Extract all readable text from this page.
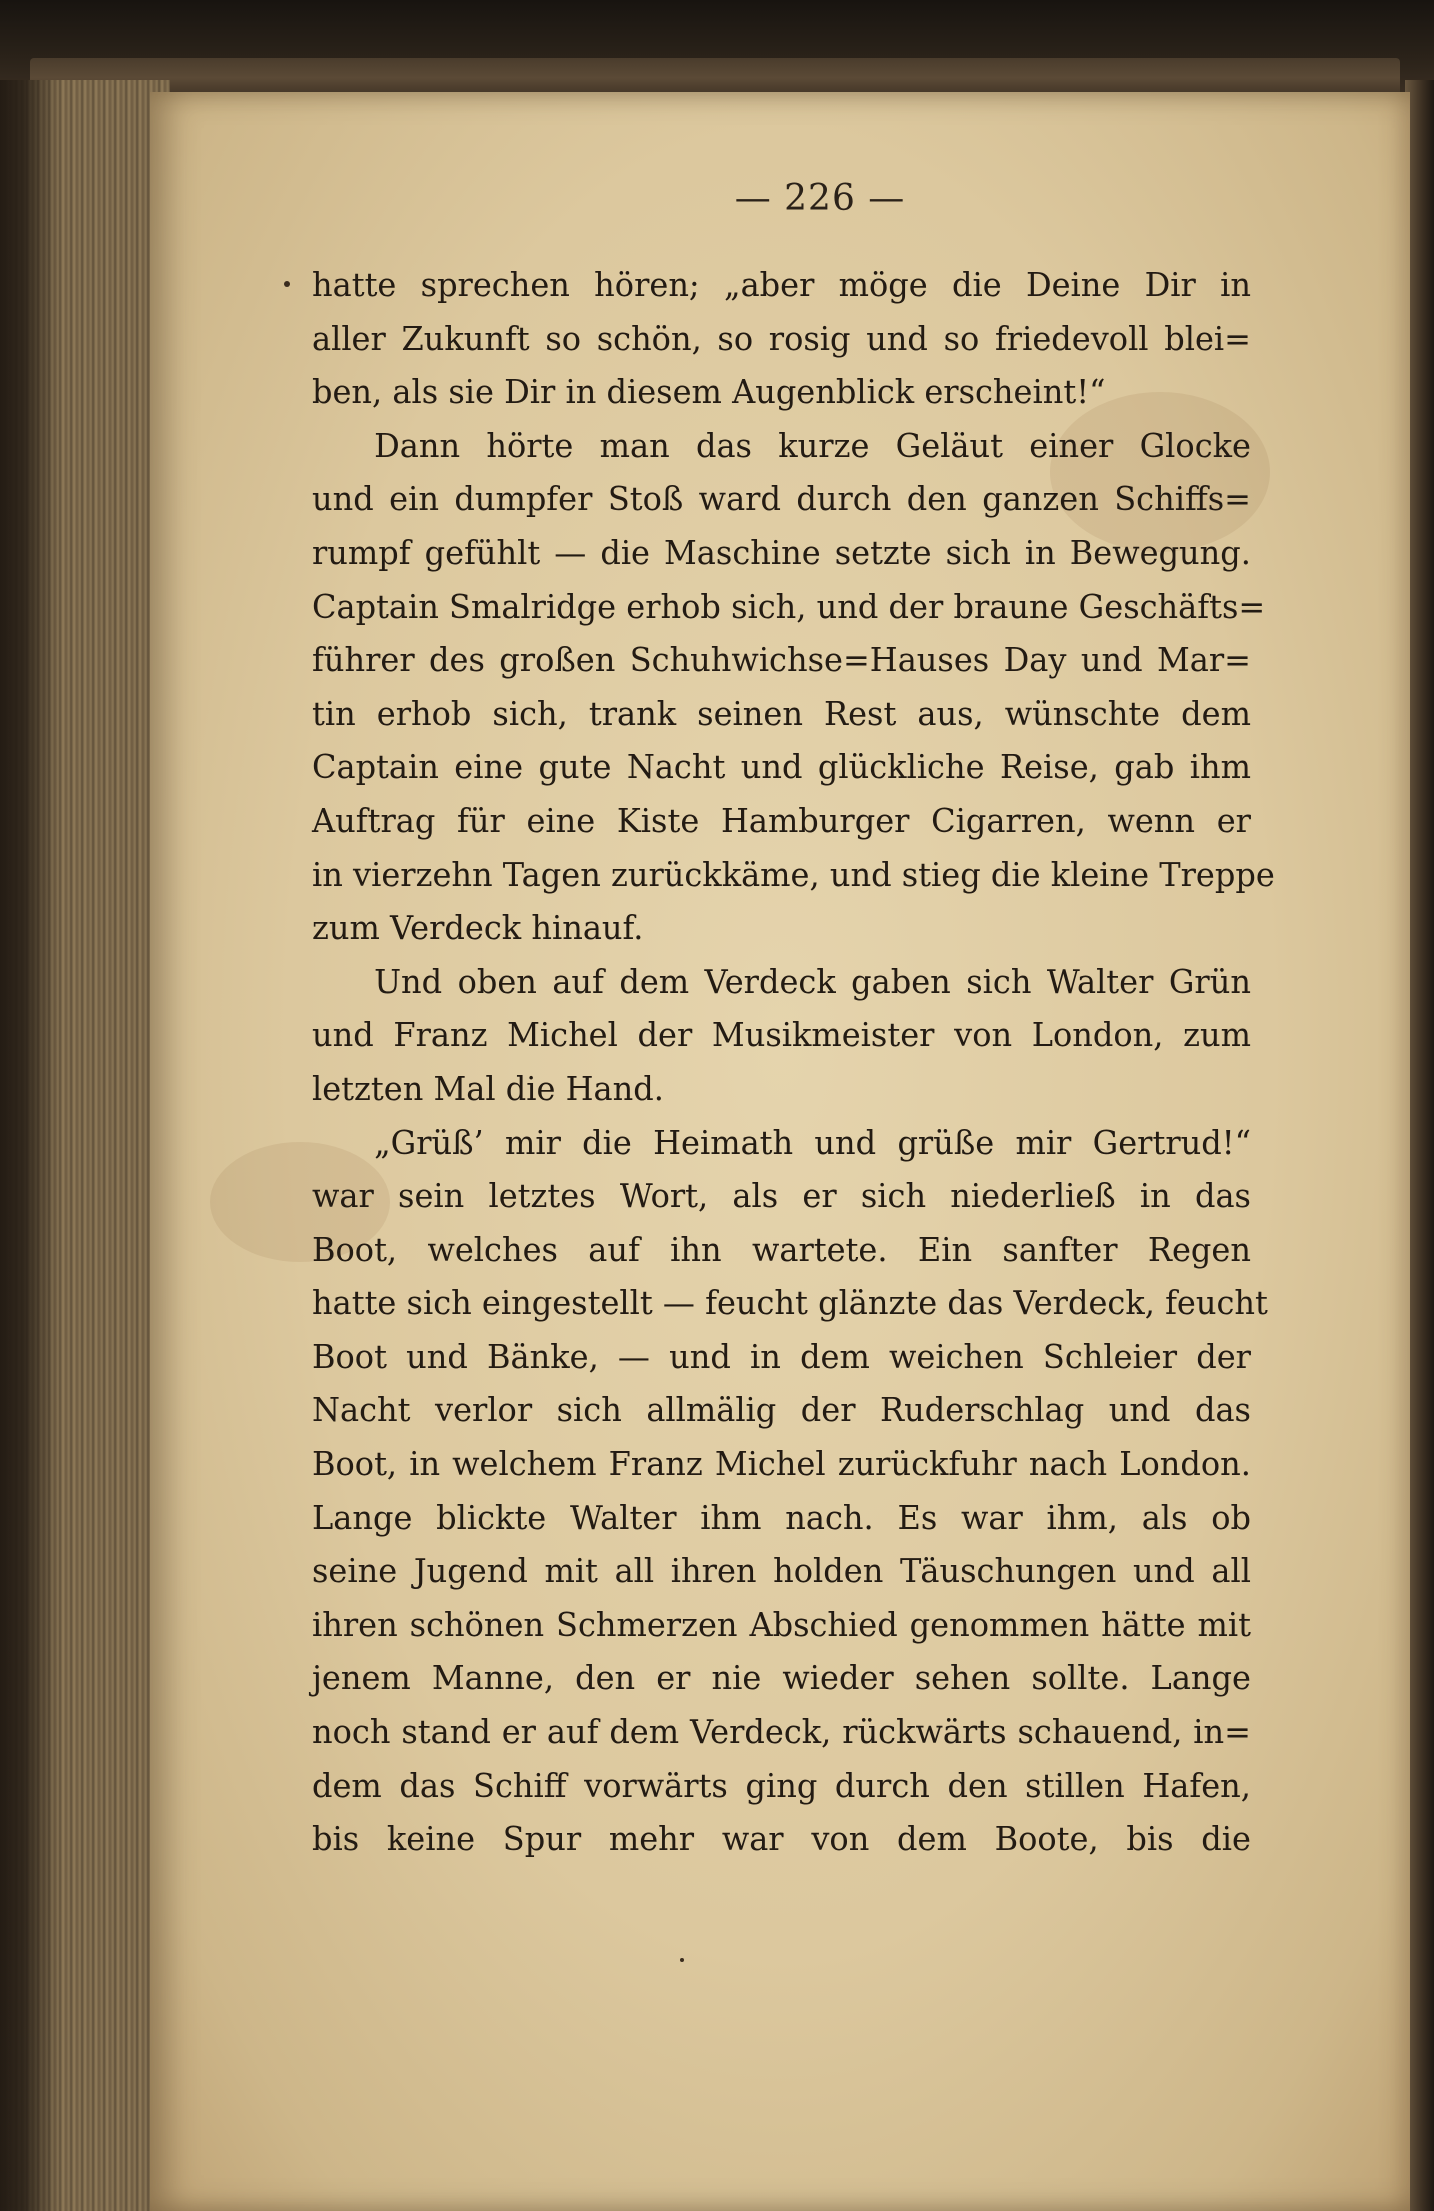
— 226 —
hatte sprechen hören; „aber möge die Deine Dir in
aller Zukunft so schön, so rosig und so friedevoll blei=
ben, als sie Dir in diesem Augenblick erscheint!“
Dann hörte man das kurze Geläut einer Glocke
und ein dumpfer Stoß ward durch den ganzen Schiffs=
rumpf gefühlt — die Maschine setzte sich in Bewegung.
Captain Smalridge erhob sich, und der braune Geschäfts=
führer des großen Schuhwichse=Hauses Day und Mar=
tin erhob sich, trank seinen Rest aus, wünschte dem
Captain eine gute Nacht und glückliche Reise, gab ihm
Auftrag für eine Kiste Hamburger Cigarren, wenn er
in vierzehn Tagen zurückkäme, und stieg die kleine Treppe
zum Verdeck hinauf.
Und oben auf dem Verdeck gaben sich Walter Grün
und Franz Michel der Musikmeister von London, zum
letzten Mal die Hand.
„Grüß’ mir die Heimath und grüße mir Gertrud!“
war sein letztes Wort, als er sich niederließ in das
Boot, welches auf ihn wartete. Ein sanfter Regen
hatte sich eingestellt — feucht glänzte das Verdeck, feucht
Boot und Bänke, — und in dem weichen Schleier der
Nacht verlor sich allmälig der Ruderschlag und das
Boot, in welchem Franz Michel zurückfuhr nach London.
Lange blickte Walter ihm nach. Es war ihm, als ob
seine Jugend mit all ihren holden Täuschungen und all
ihren schönen Schmerzen Abschied genommen hätte mit
jenem Manne, den er nie wieder sehen sollte. Lange
noch stand er auf dem Verdeck, rückwärts schauend, in=
dem das Schiff vorwärts ging durch den stillen Hafen,
bis keine Spur mehr war von dem Boote, bis die
